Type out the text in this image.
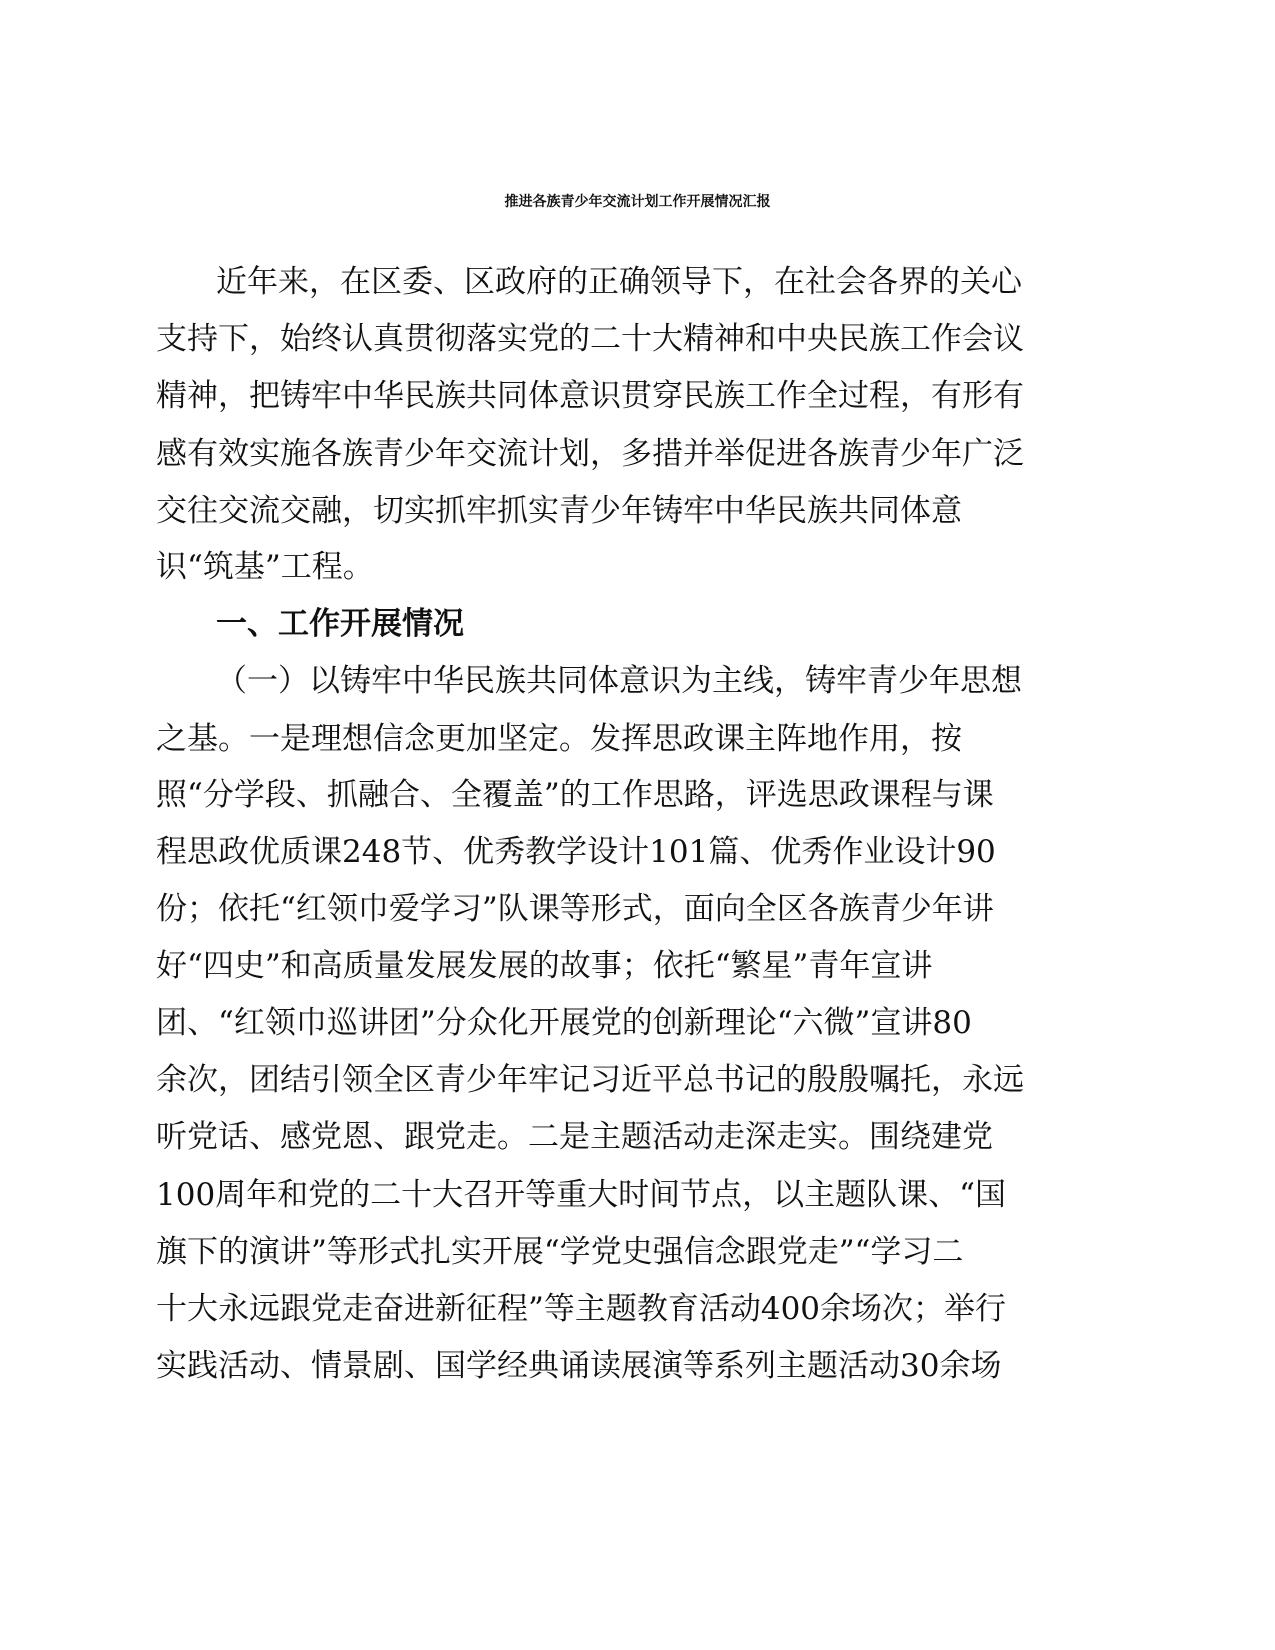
推进各族青少年交流计划工作开展情况汇报

近年来，在区委、区政府的正确领导下，在社会各界的关心

支持下，始终认真贯彻落实党的二十大精神和中央民族工作会议

精神，把铸牢中华民族共同体意识贯穿民族工作全过程，有形有

感有效实施各族青少年交流计划，多措并举促进各族青少年广泛

交往交流交融，切实抓牢抓实青少年铸牢中华民族共同体意

识“筑基”工程。

一、工作开展情况

（一）以铸牢中华民族共同体意识为主线，铸牢青少年思想

之基。一是理想信念更加坚定。发挥思政课主阵地作用，按

照“分学段、抓融合、全覆盖”的工作思路，评选思政课程与课

程思政优质课248节、优秀教学设计101篇、优秀作业设计90

份；依托“红领巾爱学习”队课等形式，面向全区各族青少年讲

好“四史”和高质量发展发展的故事；依托“繁星”青年宣讲

团、“红领巾巡讲团”分众化开展党的创新理论“六微”宣讲80

余次，团结引领全区青少年牢记习近平总书记的殷殷嘱托，永远

听党话、感党恩、跟党走。二是主题活动走深走实。围绕建党

100周年和党的二十大召开等重大时间节点，以主题队课、“国

旗下的演讲”等形式扎实开展“学党史强信念跟党走”“学习二

十大永远跟党走奋进新征程”等主题教育活动400余场次；举行

实践活动、情景剧、国学经典诵读展演等系列主题活动30余场
